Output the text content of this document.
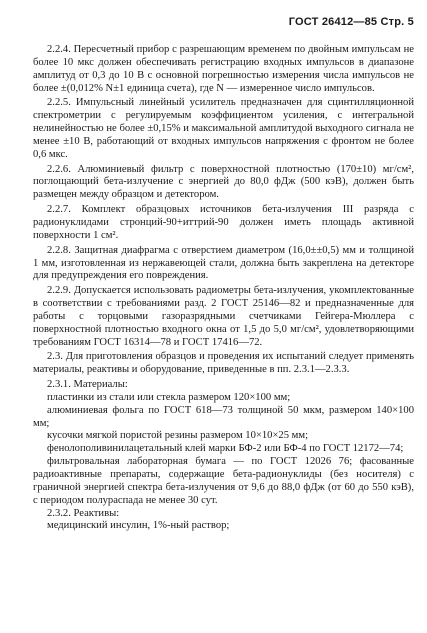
ГОСТ 26412—85 Стр. 5

2.2.4. Пересчетный прибор с разрешающим временем по двойным импульсам не более 10 мкс должен обеспечивать регистрацию входных импульсов в диапазоне амплитуд от 0,3 до 10 В с основной погрешностью измерения числа импульсов не более ±(0,012% N±1 единица счета), где N — измеренное число импульсов.

2.2.5. Импульсный линейный усилитель предназначен для сцинтилляционной спектрометрии с регулируемым коэффициентом усиления, с интегральной нелинейностью не более ±0,15% и максимальной амплитудой выходного сигнала не менее ±10 В, работающий от входных импульсов напряжения с фронтом не более 0,6 мкс.

2.2.6. Алюминиевый фильтр с поверхностной плотностью (170±10) мг/см², поглощающий бета-излучение с энергией до 80,0 фДж (500 кэВ), должен быть размещен между образцом и детектором.

2.2.7. Комплект образцовых источников бета-излучения III разряда с радионуклидами стронций-90+иттрий-90 должен иметь площадь активной поверхности 1 см².

2.2.8. Защитная диафрагма с отверстием диаметром (16,0±±0,5) мм и толщиной 1 мм, изготовленная из нержавеющей стали, должна быть закреплена на детекторе для предупреждения его повреждения.

2.2.9. Допускается использовать радиометры бета-излучения, укомплектованные в соответствии с требованиями разд. 2 ГОСТ 25146—82 и предназначенные для работы с торцовыми газоразрядными счетчиками Гейгера-Мюллера с поверхностной плотностью входного окна от 1,5 до 5,0 мг/см², удовлетворяющими требованиям ГОСТ 16314—78 и ГОСТ 17416—72.

2.3. Для приготовления образцов и проведения их испытаний следует применять материалы, реактивы и оборудование, приведенные в пп. 2.3.1—2.3.3.

2.3.1. Материалы:

пластинки из стали или стекла размером 120×100 мм;

алюминиевая фольга по ГОСТ 618—73 толщиной 50 мкм, размером 140×100 мм;

кусочки мягкой пористой резины размером 10×10×25 мм;

фенолополивинилацетальный клей марки БФ-2 или БФ-4 по ГОСТ 12172—74;

фильтровальная лабораторная бумага — по ГОСТ 12026 76; фасованные радиоактивные препараты, содержащие бета-радионуклиды (без носителя) с граничной энергией спектра бета-излучения от 9,6 до 88,0 фДж (от 60 до 550 кэВ), с периодом полураспада не менее 30 сут.

2.3.2. Реактивы:

медицинский инсулин, 1%-ный раствор;
